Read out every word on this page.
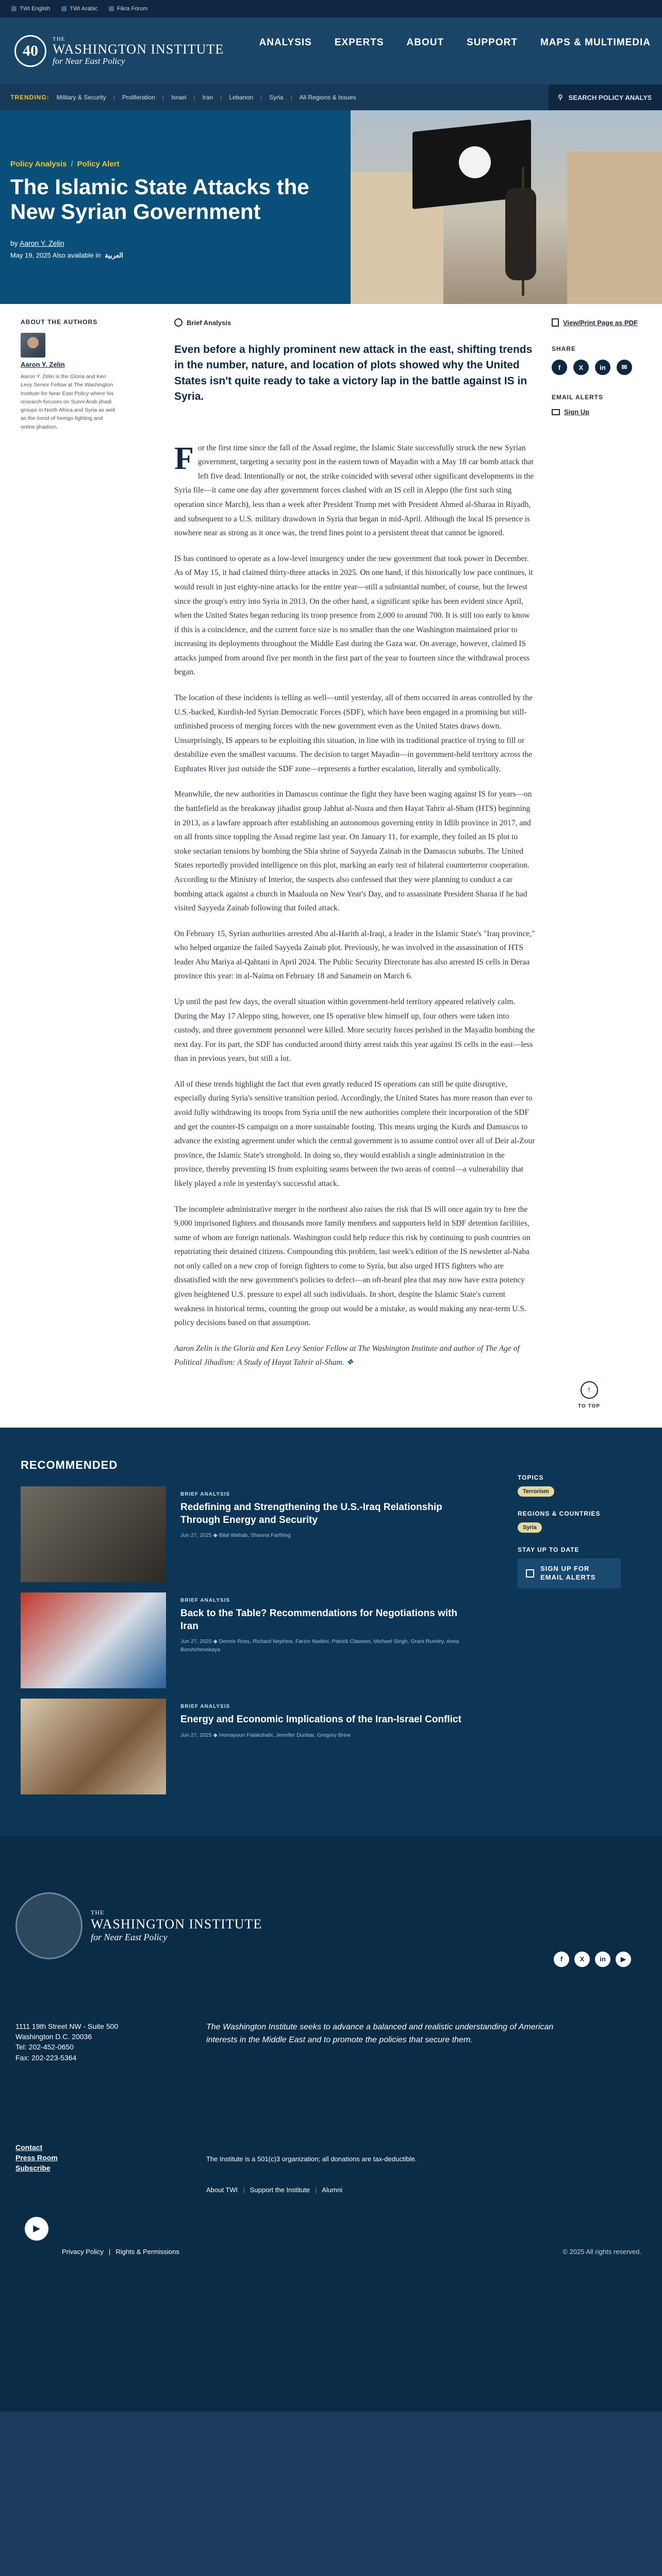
TWI English	TWI Arabic	Fikra Forum
40
THE
WASHINGTON INSTITUTE
for Near East Policy
ANALYSIS EXPERTS ABOUT SUPPORT MAPS & MULTIMEDIA
TRENDING: Military & Security | Proliferation | Israel | Iran | Lebanon | Syria | All Regions & Issues	⚲
SEARCH POLICY ANALYSIS
Policy Analysis / Policy Alert
The Islamic State Attacks the New Syrian Government
by Aaron Y. Zelin
May 19, 2025 Also available in العربية
ABOUT THE AUTHORS
Aaron Y. Zelin
Aaron Y. Zelin is the Gloria and Ken Levy Senior Fellow at The Washington Institute for Near East Policy where his research focuses on Sunni Arab jihadi groups in North Africa and Syria as well as the trend of foreign fighting and online jihadism.
Brief Analysis

Even before a highly prominent new attack in the east, shifting trends in the number, nature, and location of plots showed why the United States isn't quite ready to take a victory lap in the battle against IS in Syria.

For the first time since the fall of the Assad regime, the Islamic State successfully struck the new Syrian government, targeting a security post in the eastern town of Mayadin with a May 18 car bomb attack that left five dead. Intentionally or not, the strike coincided with several other significant developments in the Syria file—it came one day after government forces clashed with an IS cell in Aleppo (the first such sting operation since March), less than a week after President Trump met with President Ahmed al-Sharaa in Riyadh, and subsequent to a U.S. military drawdown in Syria that began in mid-April. Although the local IS presence is nowhere near as strong as it once was, the trend lines point to a persistent threat that cannot be ignored.

IS has continued to operate as a low-level insurgency under the new government that took power in December. As of May 15, it had claimed thirty-three attacks in 2025. On one hand, if this historically low pace continues, it would result in just eighty-nine attacks for the entire year—still a substantial number, of course, but the fewest since the group's entry into Syria in 2013. On the other hand, a significant spike has been evident since April, when the United States began reducing its troop presence from 2,000 to around 700. It is still too early to know if this is a coincidence, and the current force size is no smaller than the one Washington maintained prior to increasing its deployments throughout the Middle East during the Gaza war. On average, however, claimed IS attacks jumped from around five per month in the first part of the year to fourteen since the withdrawal process began.

The location of these incidents is telling as well—until yesterday, all of them occurred in areas controlled by the U.S.-backed, Kurdish-led Syrian Democratic Forces (SDF), which have been engaged in a promising but still-unfinished process of merging forces with the new government even as the United States draws down. Unsurprisingly, IS appears to be exploiting this situation, in line with its traditional practice of trying to fill or destabilize even the smallest vacuums. The decision to target Mayadin—in government-held territory across the Euphrates River just outside the SDF zone—represents a further escalation, literally and symbolically.

Meanwhile, the new authorities in Damascus continue the fight they have been waging against IS for years—on the battlefield as the breakaway jihadist group Jabhat al-Nusra and then Hayat Tahrir al-Sham (HTS) beginning in 2013, as a lawfare approach after establishing an autonomous governing entity in Idlib province in 2017, and on all fronts since toppling the Assad regime last year. On January 11, for example, they foiled an IS plot to stoke sectarian tensions by bombing the Shia shrine of Sayyeda Zainab in the Damascus suburbs. The United States reportedly provided intelligence on this plot, marking an early test of bilateral counterterror cooperation. According to the Ministry of Interior, the suspects also confessed that they were planning to conduct a car bombing attack against a church in Maaloula on New Year's Day, and to assassinate President Sharaa if he had visited Sayyeda Zainab following that foiled attack.

On February 15, Syrian authorities arrested Abu al-Harith al-Iraqi, a leader in the Islamic State's "Iraq province," who helped organize the failed Sayyeda Zainab plot. Previously, he was involved in the assassination of HTS leader Abu Mariya al-Qahtani in April 2024. The Public Security Directorate has also arrested IS cells in Deraa province this year: in al-Naima on February 18 and Sanamein on March 6.

Up until the past few days, the overall situation within government-held territory appeared relatively calm. During the May 17 Aleppo sting, however, one IS operative blew himself up, four others were taken into custody, and three government personnel were killed. More security forces perished in the Mayadin bombing the next day. For its part, the SDF has conducted around thirty arrest raids this year against IS cells in the east—less than in previous years, but still a lot.

All of these trends highlight the fact that even greatly reduced IS operations can still be quite disruptive, especially during Syria's sensitive transition period. Accordingly, the United States has more reason than ever to avoid fully withdrawing its troops from Syria until the new authorities complete their incorporation of the SDF and get the counter-IS campaign on a more sustainable footing. This means urging the Kurds and Damascus to advance the existing agreement under which the central government is to assume control over all of Deir al-Zour province, the Islamic State's stronghold. In doing so, they would establish a single administration in the province, thereby preventing IS from exploiting seams between the two areas of control—a vulnerability that likely played a role in yesterday's successful attack.

The incomplete administrative merger in the northeast also raises the risk that IS will once again try to free the 9,000 imprisoned fighters and thousands more family members and supporters held in SDF detention facilities, some of whom are foreign nationals. Washington could help reduce this risk by continuing to push countries on repatriating their detained citizens. Compounding this problem, last week's edition of the IS newsletter al-Naba not only called on a new crop of foreign fighters to come to Syria, but also urged HTS fighters who are dissatisfied with the new government's policies to defect—an oft-heard plea that may now have extra potency given heightened U.S. pressure to expel all such individuals. In short, despite the Islamic State's current weakness in historical terms, counting the group out would be a mistake, as would making any near-term U.S. policy decisions based on that assumption.

Aaron Zelin is the Gloria and Ken Levy Senior Fellow at The Washington Institute and author of The Age of Political Jihadism: A Study of Hayat Tahrir al-Sham. ❖

View/Print Page as PDF
SHARE
f	X	in	✉
EMAIL ALERTS
Sign Up
↑
TO TOP
RECOMMENDED
BRIEF ANALYSIS
Redefining and Strengthening the U.S.-Iraq Relationship Through Energy and Security
Jun 27, 2025 ◆ Bilal Wahab, Shanna Farthing
BRIEF ANALYSIS
Back to the Table? Recommendations for Negotiations with Iran
Jun 27, 2025 ◆ Dennis Ross, Richard Nephew, Farzin Nadimi, Patrick Clawson, Michael Singh, Grant Rumley, Anna Borshchevskaya
BRIEF ANALYSIS
Energy and Economic Implications of the Iran-Israel Conflict
Jun 27, 2025 ◆ Homayoun Falakshahi, Jennifer Dunbar, Gregory Brew
TOPICS
Terrorism
REGIONS & COUNTRIES
Syria
STAY UP TO DATE
SIGN UP FOR EMAIL ALERTS
THE
WASHINGTON INSTITUTE
for Near East Policy
f	X	in	▶
1111 19th Street NW - Suite 500
Washington D.C. 20036
Tel: 202-452-0650
Fax: 202-223-5364
The Washington Institute seeks to advance a balanced and realistic understanding of American interests in the Middle East and to promote the policies that secure them.
Contact
Press Room
Subscribe
The Institute is a 501(c)3 organization; all donations are tax-deductible.
About TWI | Support the Institute | Alumni
▶
Privacy Policy | Rights & Permissions	© 2025 All rights reserved.
